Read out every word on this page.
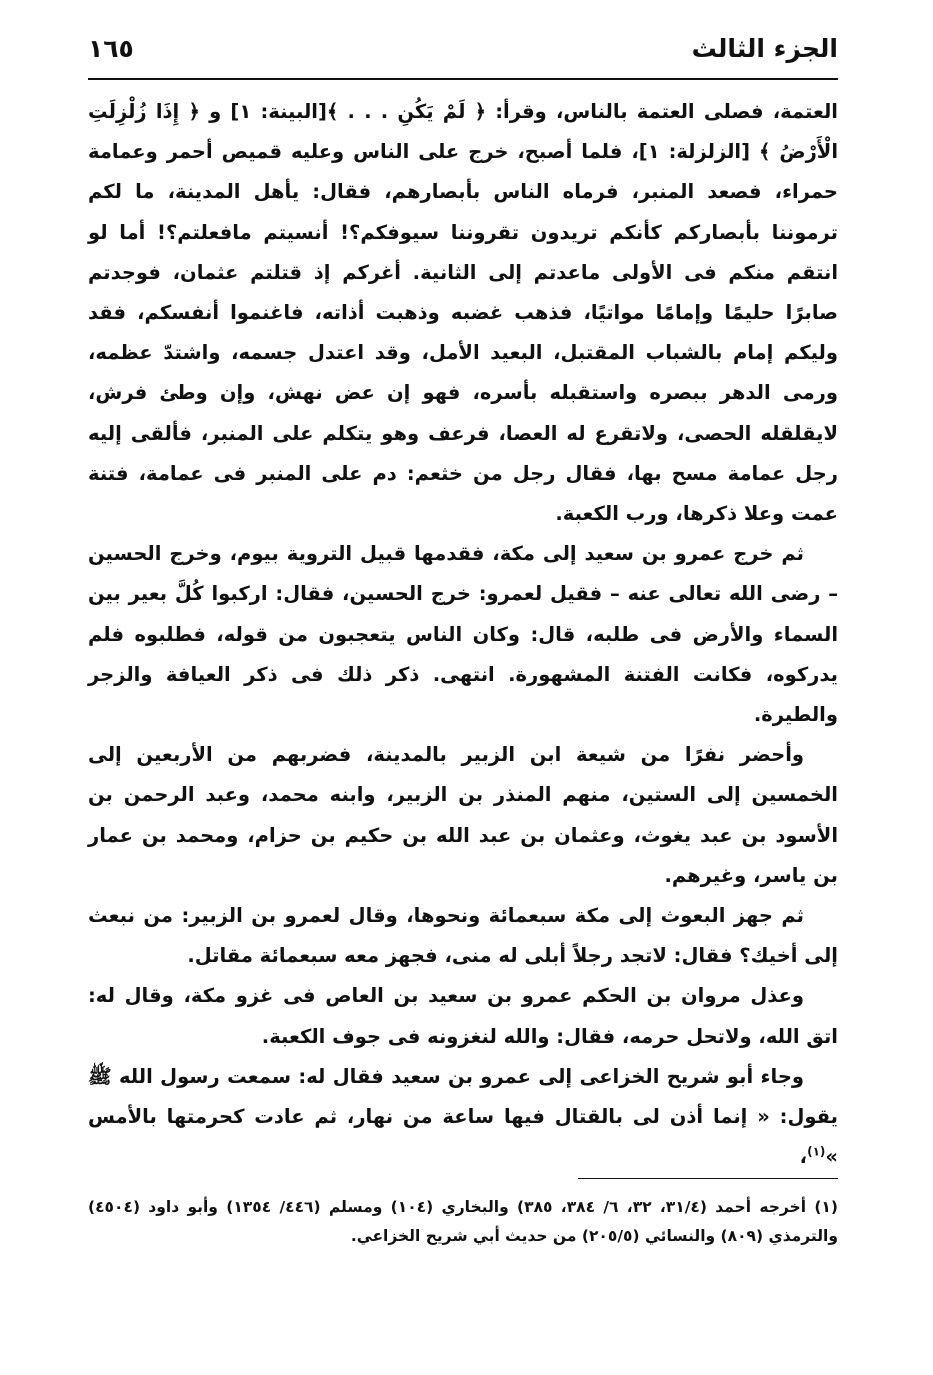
الجزء الثالث
١٦٥

العتمة، فصلى العتمة بالناس، وقرأ: ﴿ لَمْ يَكُنِ . . . ﴾[البينة: ١] و ﴿ إِذَا زُلْزِلَتِ الْأَرْضُ ﴾ [الزلزلة: ١]، فلما أصبح، خرج على الناس وعليه قميص أحمر وعمامة حمراء، فصعد المنبر، فرماه الناس بأبصارهم، فقال: يأهل المدينة، ما لكم ترموننا بأبصاركم كأنكم تريدون تقروننا سيوفكم؟! أنسيتم مافعلتم؟! أما لو انتقم منكم فى الأولى ماعدتم إلى الثانية. أغركم إذ قتلتم عثمان، فوجدتم صابرًا حليمًا وإمامًا مواتيًا، فذهب غضبه وذهبت أذاته، فاغنموا أنفسكم، فقد وليكم إمام بالشباب المقتبل، البعيد الأمل، وقد اعتدل جسمه، واشتدّ عظمه، ورمى الدهر ببصره واستقبله بأسره، فهو إن عض نهش، وإن وطئ فرش، لايقلقله الحصى، ولاتقرع له العصا، فرعف وهو يتكلم على المنبر، فألقى إليه رجل عمامة مسح بها، فقال رجل من خثعم: دم على المنبر فى عمامة، فتنة عمت وعلا ذكرها، ورب الكعبة.

ثم خرج عمرو بن سعيد إلى مكة، فقدمها قبيل التروية بيوم، وخرج الحسين – رضى الله تعالى عنه – فقيل لعمرو: خرج الحسين، فقال: اركبوا كُلَّ بعير بين السماء والأرض فى طلبه، قال: وكان الناس يتعجبون من قوله، فطلبوه فلم يدركوه، فكانت الفتنة المشهورة. انتهى. ذكر ذلك فى ذكر العيافة والزجر والطيرة.

وأحضر نفرًا من شيعة ابن الزبير بالمدينة، فضربهم من الأربعين إلى الخمسين إلى الستين، منهم المنذر بن الزبير، وابنه محمد، وعبد الرحمن بن الأسود بن عبد يغوث، وعثمان بن عبد الله بن حكيم بن حزام، ومحمد بن عمار بن ياسر، وغيرهم.

ثم جهز البعوث إلى مكة سبعمائة ونحوها، وقال لعمرو بن الزبير: من نبعث إلى أخيك؟ فقال: لاتجد رجلاً أبلى له منى، فجهز معه سبعمائة مقاتل.

وعذل مروان بن الحكم عمرو بن سعيد بن العاص فى غزو مكة، وقال له: اتق الله، ولاتحل حرمه، فقال: والله لنغزونه فى جوف الكعبة.

وجاء أبو شريح الخزاعى إلى عمرو بن سعيد فقال له: سمعت رسول الله ﷺ يقول: « إنما أذن لى بالقتال فيها ساعة من نهار، ثم عادت كحرمتها بالأمس »$^{(١)}$،

(١) أخرجه أحمد (٣١/٤، ٣٢، ٦/ ٣٨٤، ٣٨٥) والبخاري (١٠٤) ومسلم (٤٤٦/ ١٣٥٤) وأبو داود (٤٥٠٤) والترمذي (٨٠٩) والنسائي (٢٠٥/٥) من حديث أبي شريح الخزاعي.
